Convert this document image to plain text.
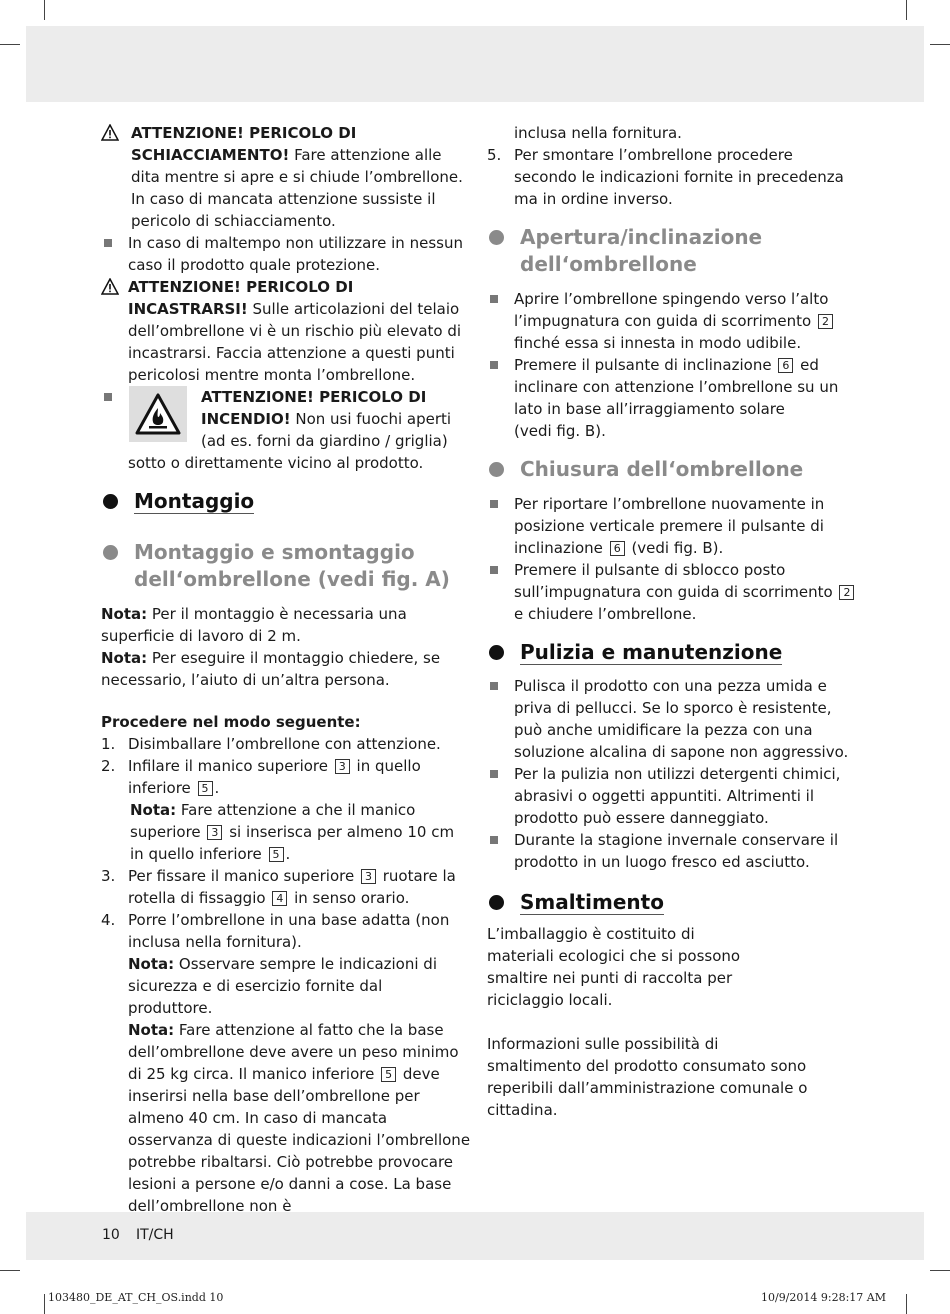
ATTENZIONE! PERICOLO DI SCHIACCIAMENTO! Fare attenzione alle dita mentre si apre e si chiude l’ombrellone. In caso di mancata attenzione sussiste il pericolo di schiacciamento.

In caso di maltempo non utilizzare in nessun caso il prodotto quale protezione.

ATTENZIONE! PERICOLO DI INCASTRARSI! Sulle articolazioni del telaio dell’ombrellone vi è un rischio più elevato di incastrarsi. Faccia attenzione a questi punti pericolosi mentre monta l’ombrellone.

ATTENZIONE! PERICOLO DI

INCENDIO! Non usi fuochi aperti

(ad es. forni da giardino / griglia)

sotto o direttamente vicino al prodotto.

Montaggio
Montaggio e smontaggio
dell‘ombrellone (vedi fig. A)

Nota: Per il montaggio è necessaria una superficie di lavoro di 2 m.

Nota: Per eseguire il montaggio chiedere, se necessario, l’aiuto di un’altra persona.

Procedere nel modo seguente:

1. Disimballare l’ombrellone con attenzione.

2. Infilare il manico superiore 3 in quello inferiore 5 .

Nota: Fare attenzione a che il manico superiore 3 si inserisca per almeno 10 cm in quello inferiore 5 .

3. Per fissare il manico superiore 3 ruotare la rotella di fissaggio 4 in senso orario.

4. Porre l’ombrellone in una base adatta (non inclusa nella fornitura).

Nota: Osservare sempre le indicazioni di sicurezza e di esercizio fornite dal produttore.

Nota: Fare attenzione al fatto che la base dell’ombrellone deve avere un peso minimo di 25 kg circa. Il manico inferiore 5 deve inserirsi nella base dell’ombrellone per almeno 40 cm. In caso di mancata osservanza di queste indicazioni l’ombrellone potrebbe ribaltarsi. Ciò potrebbe provocare lesioni a persone e/o danni a cose. La base dell’ombrellone non è

inclusa nella fornitura.

5. Per smontare l’ombrellone procedere secondo le indicazioni fornite in precedenza ma in ordine inverso.

Apertura/inclinazione
dell‘ombrellone

Aprire l’ombrellone spingendo verso l’alto l’impugnatura con guida di scorrimento 2 finché essa si innesta in modo udibile.

Premere il pulsante di inclinazione 6 ed inclinare con attenzione l’ombrellone su un lato in base all’irraggiamento solare

(vedi fig. B).

Chiusura dell‘ombrellone

Per riportare l’ombrellone nuovamente in posizione verticale premere il pulsante di inclinazione 6 (vedi fig. B).

Premere il pulsante di sblocco posto sull’impugnatura con guida di scorrimento 2 e chiudere l’ombrellone.

Pulizia e manutenzione

Pulisca il prodotto con una pezza umida e priva di pellucci. Se lo sporco è resistente, può anche umidificare la pezza con una soluzione alcalina di sapone non aggressivo.

Per la pulizia non utilizzi detergenti chimici, abrasivi o oggetti appuntiti. Altrimenti il prodotto può essere danneggiato.

Durante la stagione invernale conservare il prodotto in un luogo fresco ed asciutto.

Smaltimento

L’imballaggio è costituito di materiali ecologici che si possono smaltire nei punti di raccolta per riciclaggio locali.

Informazioni sulle possibilità di smaltimento del prodotto consumato sono reperibili dall’amministrazione comunale o cittadina.

10 IT/CH
103480_DE_AT_CH_OS.indd 10	10/9/2014 9:28:17 AM
